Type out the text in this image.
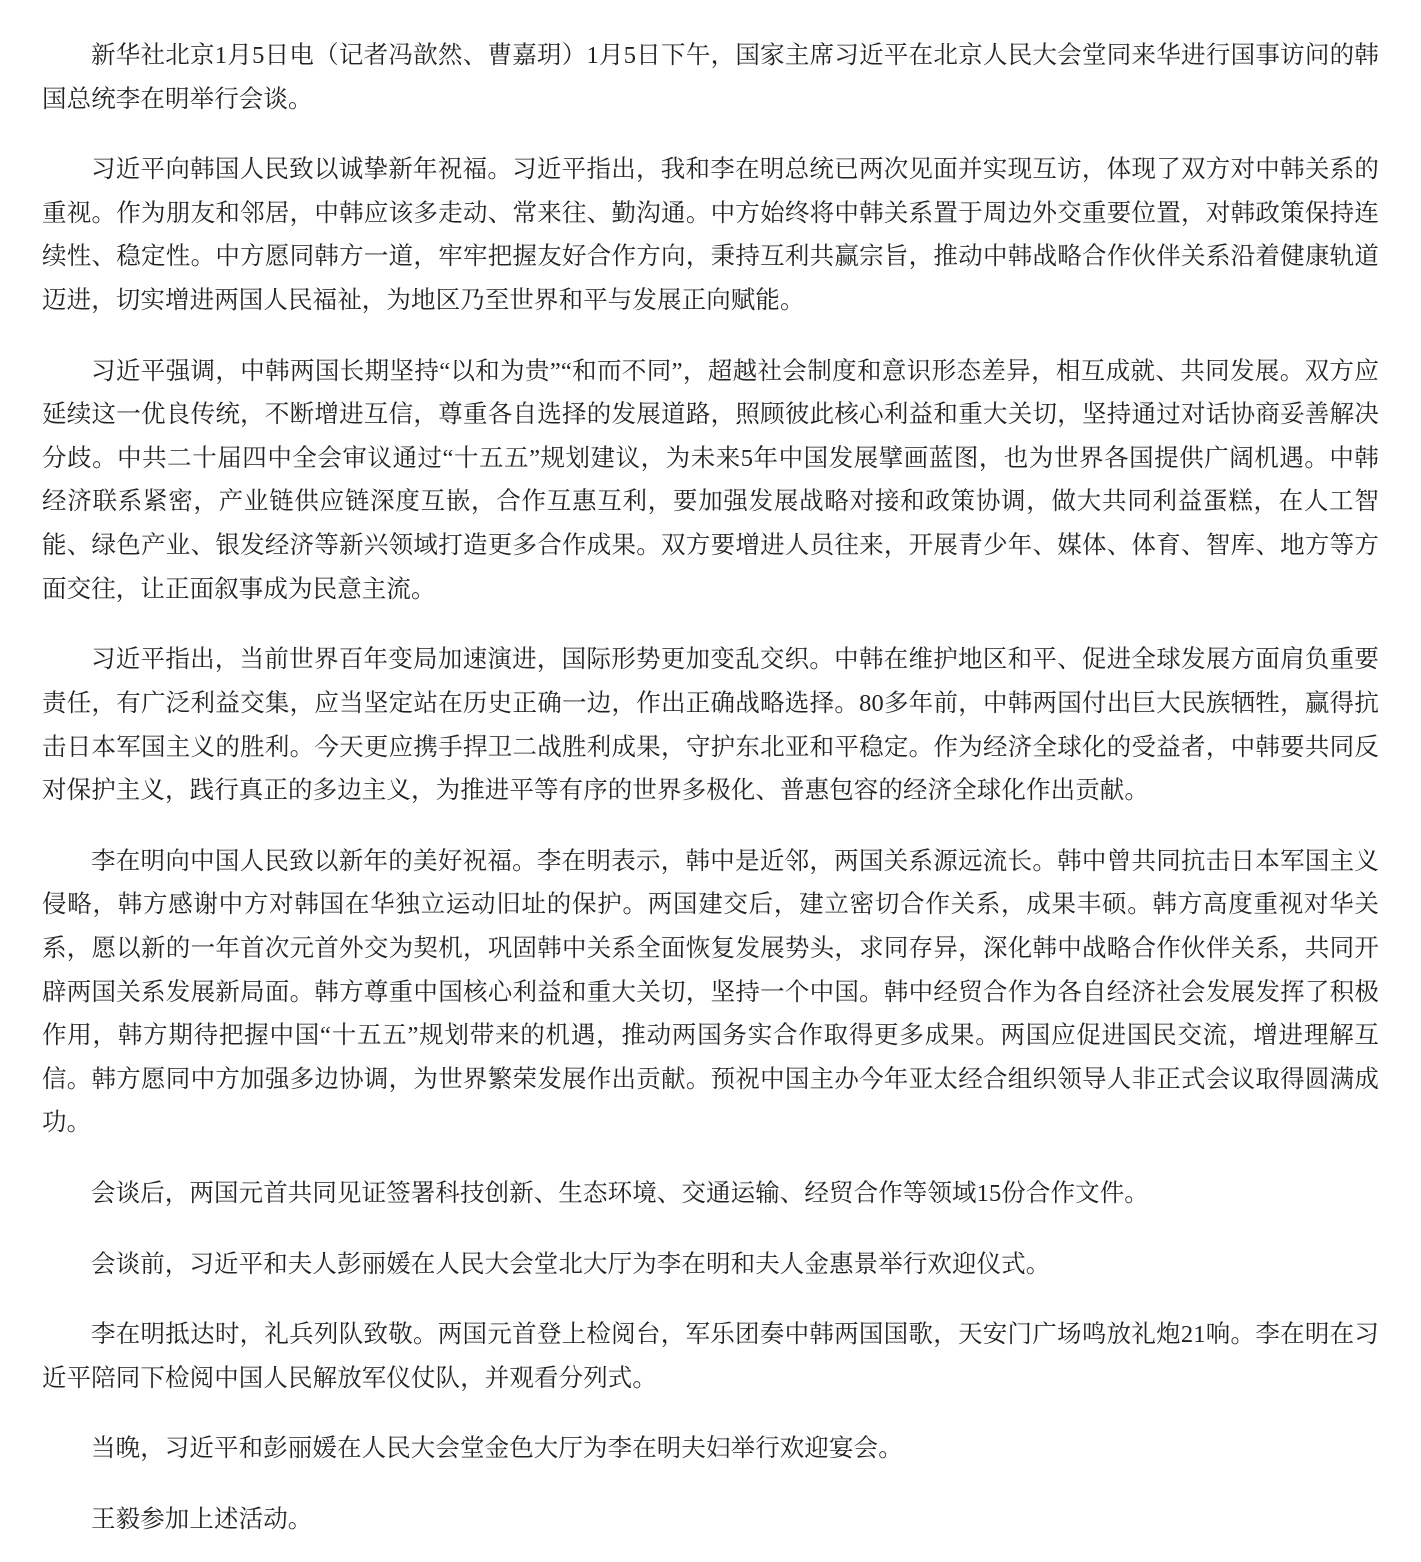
新华社北京1月5日电（记者冯歆然、曹嘉玥）1月5日下午，国家主席习近平在北京人民大会堂同来华进行国事访问的韩国总统李在明举行会谈。

习近平向韩国人民致以诚挚新年祝福。习近平指出，我和李在明总统已两次见面并实现互访，体现了双方对中韩关系的重视。作为朋友和邻居，中韩应该多走动、常来往、勤沟通。中方始终将中韩关系置于周边外交重要位置，对韩政策保持连续性、稳定性。中方愿同韩方一道，牢牢把握友好合作方向，秉持互利共赢宗旨，推动中韩战略合作伙伴关系沿着健康轨道迈进，切实增进两国人民福祉，为地区乃至世界和平与发展正向赋能。

习近平强调，中韩两国长期坚持“以和为贵”“和而不同”，超越社会制度和意识形态差异，相互成就、共同发展。双方应延续这一优良传统，不断增进互信，尊重各自选择的发展道路，照顾彼此核心利益和重大关切，坚持通过对话协商妥善解决分歧。中共二十届四中全会审议通过“十五五”规划建议，为未来5年中国发展擘画蓝图，也为世界各国提供广阔机遇。中韩经济联系紧密，产业链供应链深度互嵌，合作互惠互利，要加强发展战略对接和政策协调，做大共同利益蛋糕，在人工智能、绿色产业、银发经济等新兴领域打造更多合作成果。双方要增进人员往来，开展青少年、媒体、体育、智库、地方等方面交往，让正面叙事成为民意主流。

习近平指出，当前世界百年变局加速演进，国际形势更加变乱交织。中韩在维护地区和平、促进全球发展方面肩负重要责任，有广泛利益交集，应当坚定站在历史正确一边，作出正确战略选择。80多年前，中韩两国付出巨大民族牺牲，赢得抗击日本军国主义的胜利。今天更应携手捍卫二战胜利成果，守护东北亚和平稳定。作为经济全球化的受益者，中韩要共同反对保护主义，践行真正的多边主义，为推进平等有序的世界多极化、普惠包容的经济全球化作出贡献。

李在明向中国人民致以新年的美好祝福。李在明表示，韩中是近邻，两国关系源远流长。韩中曾共同抗击日本军国主义侵略，韩方感谢中方对韩国在华独立运动旧址的保护。两国建交后，建立密切合作关系，成果丰硕。韩方高度重视对华关系，愿以新的一年首次元首外交为契机，巩固韩中关系全面恢复发展势头，求同存异，深化韩中战略合作伙伴关系，共同开辟两国关系发展新局面。韩方尊重中国核心利益和重大关切，坚持一个中国。韩中经贸合作为各自经济社会发展发挥了积极作用，韩方期待把握中国“十五五”规划带来的机遇，推动两国务实合作取得更多成果。两国应促进国民交流，增进理解互信。韩方愿同中方加强多边协调，为世界繁荣发展作出贡献。预祝中国主办今年亚太经合组织领导人非正式会议取得圆满成功。

会谈后，两国元首共同见证签署科技创新、生态环境、交通运输、经贸合作等领域15份合作文件。

会谈前，习近平和夫人彭丽媛在人民大会堂北大厅为李在明和夫人金惠景举行欢迎仪式。

李在明抵达时，礼兵列队致敬。两国元首登上检阅台，军乐团奏中韩两国国歌，天安门广场鸣放礼炮21响。李在明在习近平陪同下检阅中国人民解放军仪仗队，并观看分列式。

当晚，习近平和彭丽媛在人民大会堂金色大厅为李在明夫妇举行欢迎宴会。

王毅参加上述活动。
